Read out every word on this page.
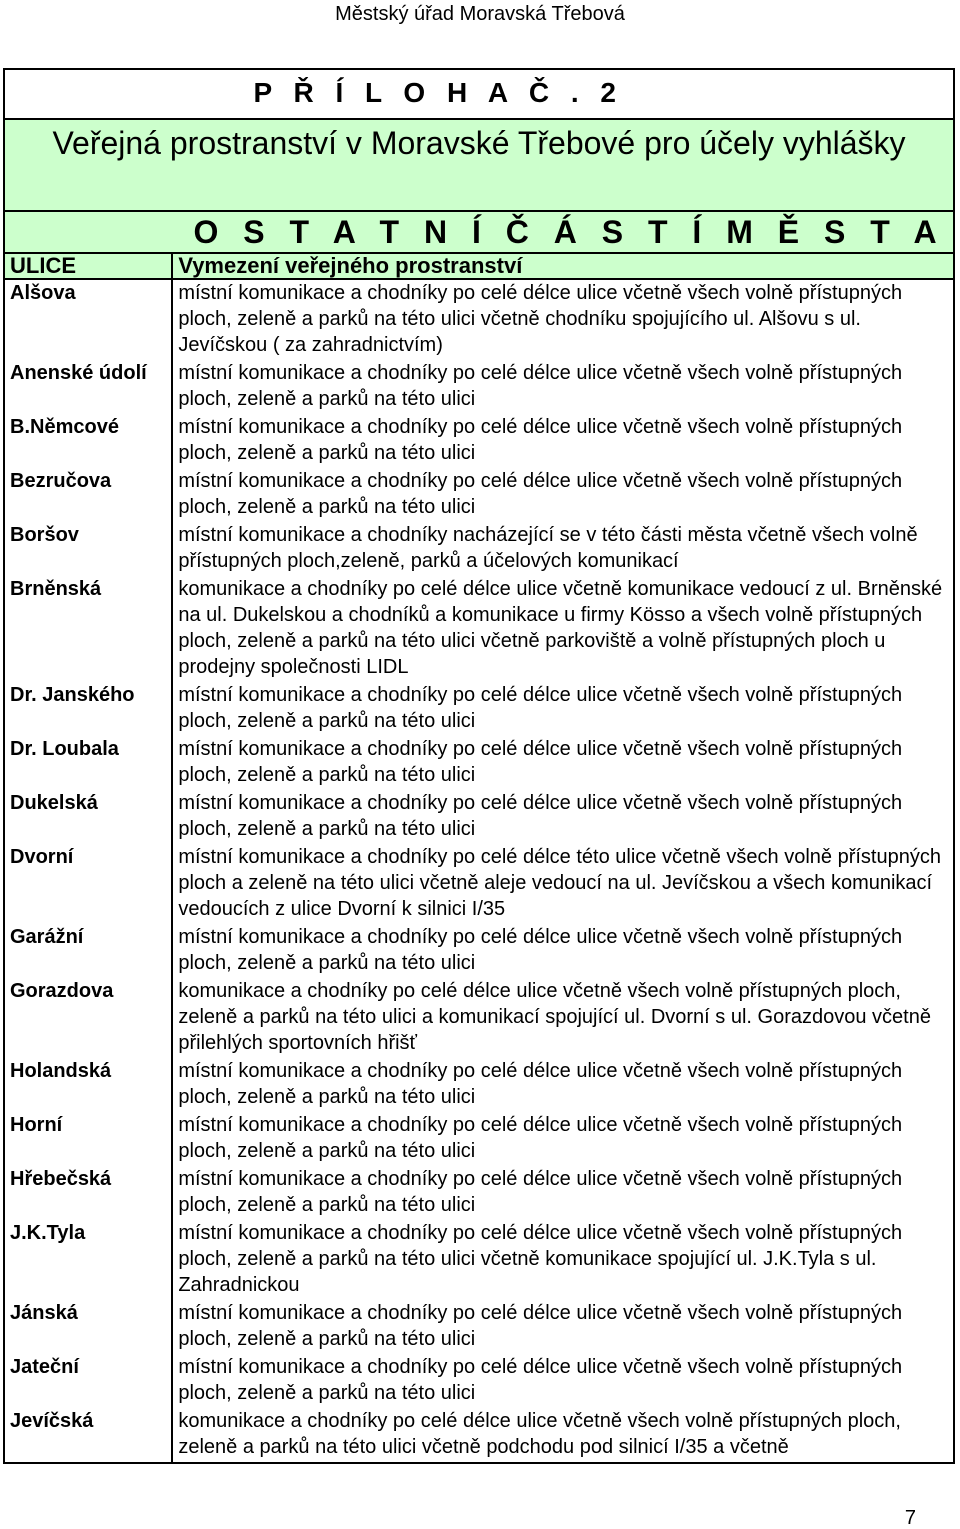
Městský úřad Moravská Třebová
P Ř Í L O H A Č . 2	
Veřejná prostranství v Moravské Třebové pro účely vyhlášky	
O S T A T N Í Č Á S T Í M Ě S T A	
ULICE	Vymezení veřejného prostranství
Alšova	místní komunikace a chodníky po celé délce ulice včetně všech volně přístupných ploch, zeleně a parků na této ulici včetně chodníku spojujícího ul. Alšovu s ul. Jevíčskou ( za zahradnictvím)
Anenské údolí	místní komunikace a chodníky po celé délce ulice včetně všech volně přístupných ploch, zeleně a parků na této ulici
B.Němcové	místní komunikace a chodníky po celé délce ulice včetně všech volně přístupných ploch, zeleně a parků na této ulici
Bezručova	místní komunikace a chodníky po celé délce ulice včetně všech volně přístupných ploch, zeleně a parků na této ulici
Boršov	místní komunikace a chodníky nacházející se v této části města včetně všech volně přístupných ploch,zeleně, parků a účelových komunikací
Brněnská	komunikace a chodníky po celé délce ulice včetně komunikace vedoucí z ul. Brněnské na ul. Dukelskou a chodníků a komunikace u firmy Kösso a všech volně přístupných ploch, zeleně a parků na této ulici včetně parkoviště a volně přístupných ploch u prodejny společnosti LIDL
Dr. Janského	místní komunikace a chodníky po celé délce ulice včetně všech volně přístupných ploch, zeleně a parků na této ulici
Dr. Loubala	místní komunikace a chodníky po celé délce ulice včetně všech volně přístupných ploch, zeleně a parků na této ulici
Dukelská	místní komunikace a chodníky po celé délce ulice včetně všech volně přístupných ploch, zeleně a parků na této ulici
Dvorní	místní komunikace a chodníky po celé délce této ulice včetně všech volně přístupných ploch a zeleně na této ulici včetně aleje vedoucí na ul. Jevíčskou a všech komunikací vedoucích z ulice Dvorní k silnici I/35
Garážní	místní komunikace a chodníky po celé délce ulice včetně všech volně přístupných ploch, zeleně a parků na této ulici
Gorazdova	komunikace a chodníky po celé délce ulice včetně všech volně přístupných ploch, zeleně a parků na této ulici a komunikací spojující ul. Dvorní s ul. Gorazdovou včetně přilehlých sportovních hřišť
Holandská	místní komunikace a chodníky po celé délce ulice včetně všech volně přístupných ploch, zeleně a parků na této ulici
Horní	místní komunikace a chodníky po celé délce ulice včetně všech volně přístupných ploch, zeleně a parků na této ulici
Hřebečská	místní komunikace a chodníky po celé délce ulice včetně všech volně přístupných ploch, zeleně a parků na této ulici
J.K.Tyla	místní komunikace a chodníky po celé délce ulice včetně všech volně přístupných ploch, zeleně a parků na této ulici včetně komunikace spojující ul. J.K.Tyla s ul. Zahradnickou
Jánská	místní komunikace a chodníky po celé délce ulice včetně všech volně přístupných ploch, zeleně a parků na této ulici
Jateční	místní komunikace a chodníky po celé délce ulice včetně všech volně přístupných ploch, zeleně a parků na této ulici
Jevíčská	komunikace a chodníky po celé délce ulice včetně všech volně přístupných ploch, zeleně a parků na této ulici včetně podchodu pod silnicí I/35 a včetně
7
